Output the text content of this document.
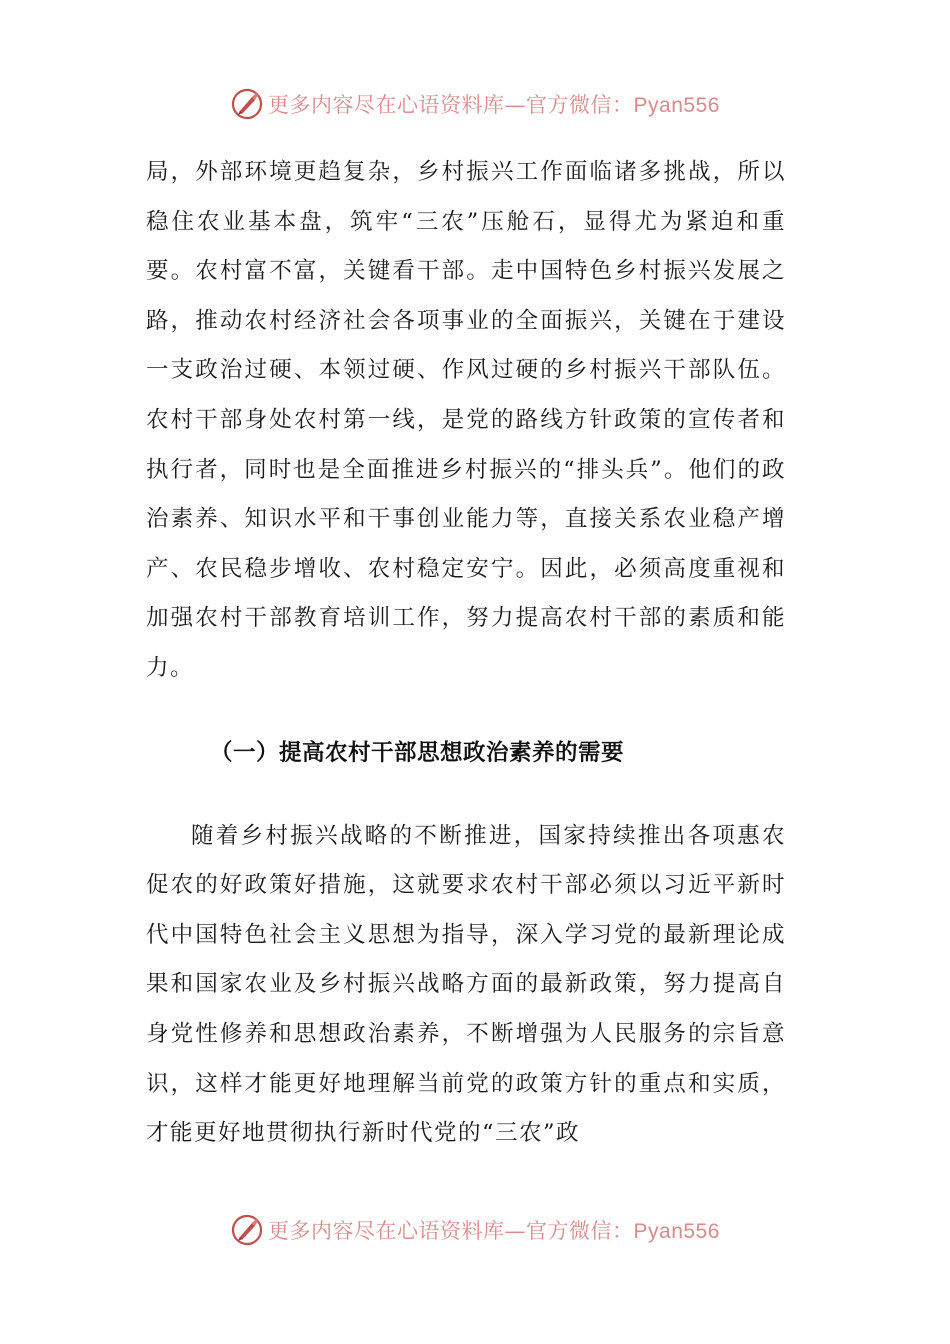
更多内容尽在心语资料库—官方微信：Pyan556

局，外部环境更趋复杂，乡村振兴工作面临诸多挑战，所以稳住农业基本盘，筑牢“三农”压舱石，显得尤为紧迫和重要。农村富不富，关键看干部。走中国特色乡村振兴发展之路，推动农村经济社会各项事业的全面振兴，关键在于建设一支政治过硬、本领过硬、作风过硬的乡村振兴干部队伍。农村干部身处农村第一线，是党的路线方针政策的宣传者和执行者，同时也是全面推进乡村振兴的“排头兵”。他们的政治素养、知识水平和干事创业能力等，直接关系农业稳产增产、农民稳步增收、农村稳定安宁。因此，必须高度重视和加强农村干部教育培训工作，努力提高农村干部的素质和能力。

（一）提高农村干部思想政治素养的需要

随着乡村振兴战略的不断推进，国家持续推出各项惠农促农的好政策好措施，这就要求农村干部必须以习近平新时代中国特色社会主义思想为指导，深入学习党的最新理论成果和国家农业及乡村振兴战略方面的最新政策，努力提高自身党性修养和思想政治素养，不断增强为人民服务的宗旨意识，这样才能更好地理解当前党的政策方针的重点和实质，才能更好地贯彻执行新时代党的“三农”政

更多内容尽在心语资料库—官方微信：Pyan556
